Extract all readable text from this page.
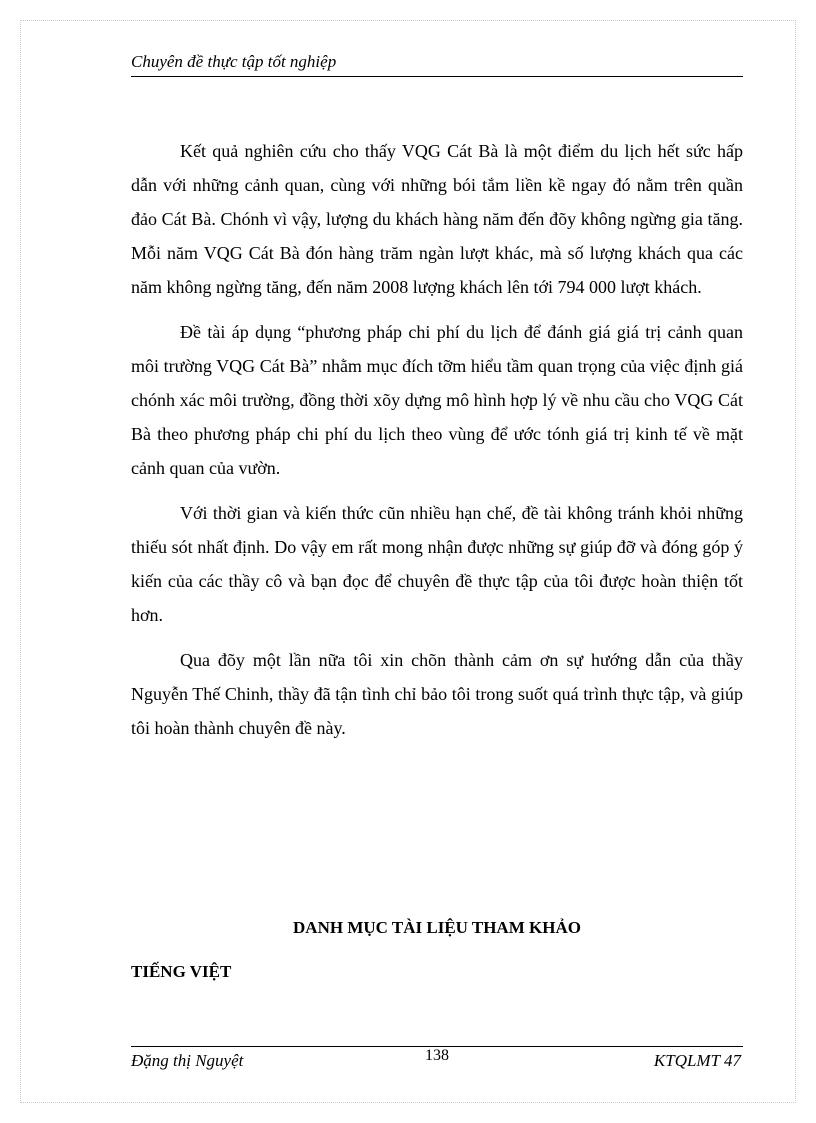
Chuyên đề thực tập tốt nghiệp

Kết quả nghiên cứu cho thấy VQG Cát Bà là một điểm du lịch hết sức hấp dẫn với những cảnh quan, cùng với những bói tắm liền kề ngay đó nằm trên quần đảo Cát Bà. Chónh vì vậy, lượng du khách hàng năm đến đõy không ngừng gia tăng. Mỗi năm VQG Cát Bà đón hàng trăm ngàn lượt khác, mà số lượng khách qua các năm không ngừng tăng, đến năm 2008 lượng khách lên tới 794 000 lượt khách.

Đề tài áp dụng “phương pháp chi phí du lịch để đánh giá giá trị cảnh quan môi trường VQG Cát Bà” nhằm mục đích tỡm hiểu tầm quan trọng của việc định giá chónh xác môi trường, đồng thời xõy dựng mô hình hợp lý về nhu cầu cho VQG Cát Bà theo phương pháp chi phí du lịch theo vùng để ước tónh giá trị kinh tế về mặt cảnh quan của vườn.

Với thời gian và kiến thức cũn nhiều hạn chế, đề tài không tránh khỏi những thiếu sót nhất định. Do vậy em rất mong nhận được những sự giúp đỡ và đóng góp ý kiến của các thầy cô và bạn đọc để chuyên đề thực tập của tôi được hoàn thiện tốt hơn.

Qua đõy một lần nữa tôi xin chõn thành cảm ơn sự hướng dẫn của thầy Nguyễn Thế Chinh, thầy đã tận tình chỉ bảo tôi trong suốt quá trình thực tập, và giúp tôi hoàn thành chuyên đề này.

DANH MỤC TÀI LIỆU THAM KHẢO
TIẾNG VIỆT
Đặng thị Nguyệt	138	KTQLMT 47
